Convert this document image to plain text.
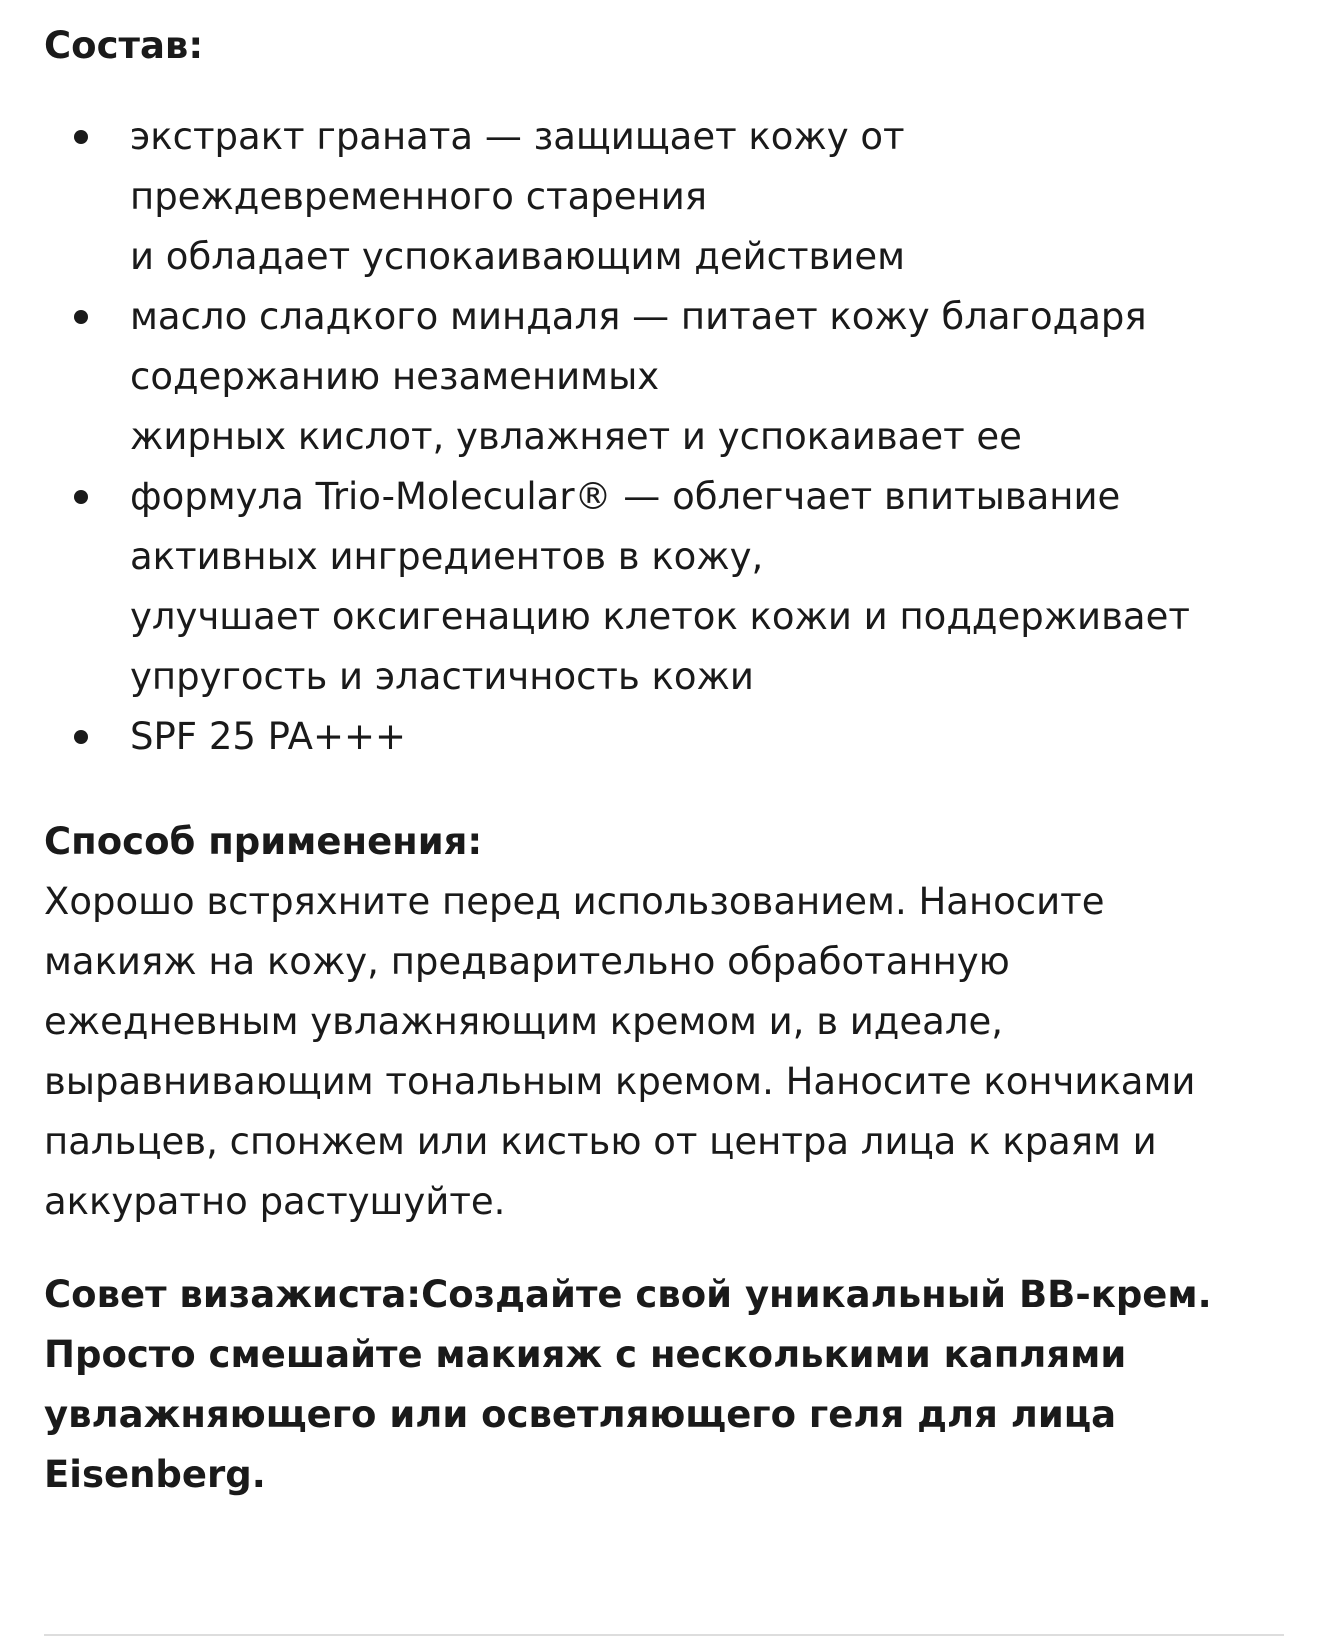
Состав:
экстракт граната — защищает кожу от
преждевременного старения
и обладает успокаивающим действием
масло сладкого миндаля — питает кожу благодаря
содержанию незаменимых
жирных кислот, увлажняет и успокаивает ее
формула Trio-Molecular® — облегчает впитывание
активных ингредиентов в кожу,
улучшает оксигенацию клеток кожи и поддерживает
упругость и эластичность кожи
SPF 25 PA+++
Способ применения:

Хорошо встряхните перед использованием. Наносите
макияж на кожу, предварительно обработанную
ежедневным увлажняющим кремом и, в идеале,
выравнивающим тональным кремом. Наносите кончиками
пальцев, спонжем или кистью от центра лица к краям и
аккуратно растушуйте.

Совет визажиста:Создайте свой уникальный BB-крем.
Просто смешайте макияж с несколькими каплями
увлажняющего или осветляющего геля для лица
Eisenberg.
